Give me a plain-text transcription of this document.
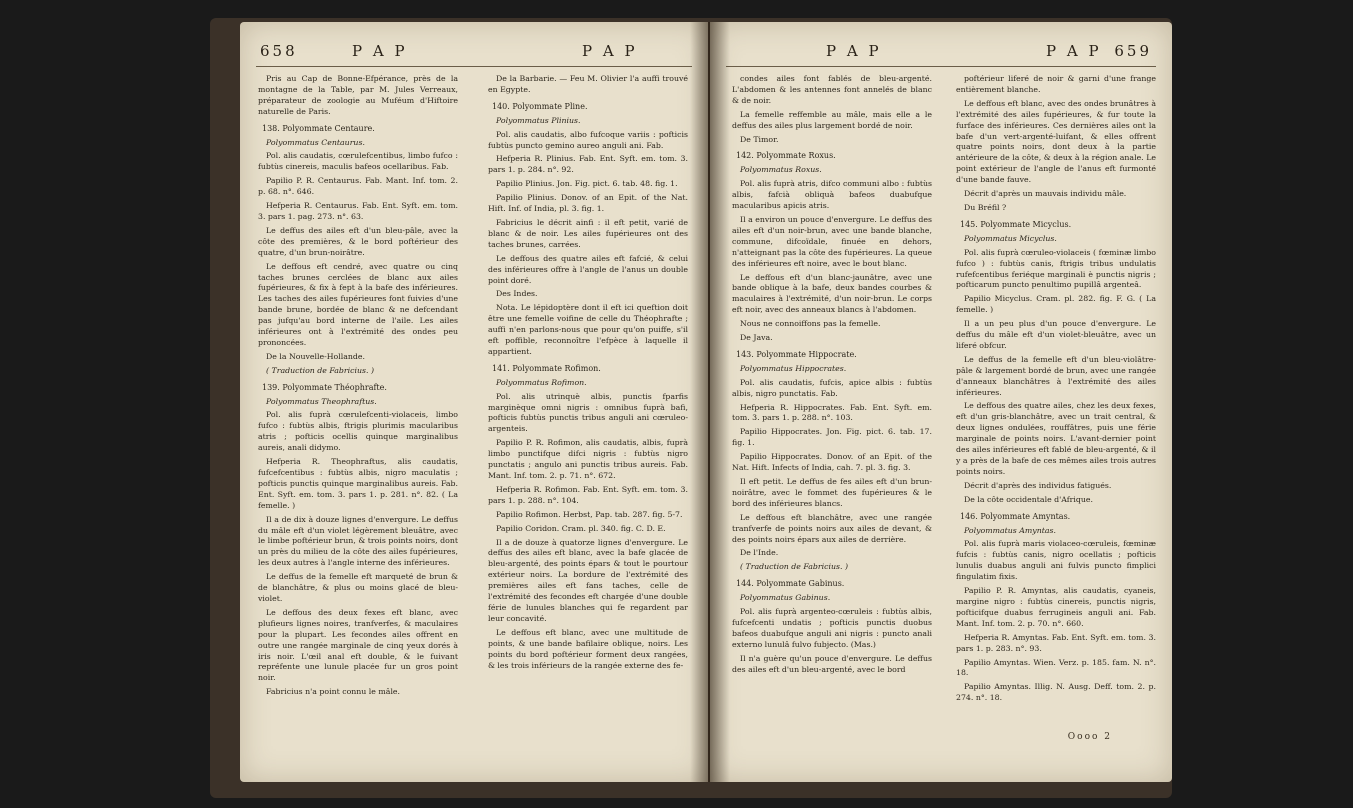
658	P A P	P A P

Pris au Cap de Bonne-Efpérance, près de la montagne de la Table, par M. Jules Verreaux, préparateur de zoologie au Muféum d'Hiftoire naturelle de Paris.

138. Polyommate Centaure.

Polyommatus Centaurus.

Pol. alis caudatis, cœrulefcentibus, limbo fufco : fubtùs cinereis, maculis bafeos ocellaribus. Fab.

Papilio P. R. Centaurus. Fab. Mant. Inf. tom. 2. p. 68. n°. 646.

Hefperia R. Centaurus. Fab. Ent. Syft. em. tom. 3. pars 1. pag. 273. n°. 63.

Le deffus des ailes eft d'un bleu-pâle, avec la côte des premières, & le bord poftérieur des quatre, d'un brun-noirâtre.

Le deffous eft cendré, avec quatre ou cinq taches brunes cerclées de blanc aux ailes fupérieures, & fix à fept à la bafe des inférieures. Les taches des ailes fupérieures font fuivies d'une bande brune, bordée de blanc & ne defcendant pas jufqu'au bord interne de l'aile. Les ailes inférieures ont à l'extrémité des ondes peu prononcées.

De la Nouvelle-Hollande.

( Traduction de Fabricius. )

139. Polyommate Théophrafte.

Polyommatus Theophraftus.

Pol. alis fuprà cœrulefcenti-violaceis, limbo fufco : fubtùs albis, ftrigis plurimis macularibus atris ; pofticis ocellis quinque marginalibus aureis, anali didymo.

Hefperia R. Theophraftus, alis caudatis, fufcefcentibus : fubtùs albis, nigro maculatis ; pofticis punctis quinque marginalibus aureis. Fab. Ent. Syft. em. tom. 3. pars 1. p. 281. n°. 82. ( La femelle. )

Il a de dix à douze lignes d'envergure. Le deffus du mâle eft d'un violet légèrement bleuâtre, avec le limbe poftérieur brun, & trois points noirs, dont un près du milieu de la côte des ailes fupérieures, les deux autres à l'angle interne des inférieures.

Le deffus de la femelle eft marqueté de brun & de blanchâtre, & plus ou moins glacé de bleu-violet.

Le deffous des deux fexes eft blanc, avec plufieurs lignes noires, tranfverfes, & maculaires pour la plupart. Les fecondes ailes offrent en outre une rangée marginale de cinq yeux dorés à iris noir. L'œil anal eft double, & le fuivant repréfente une lunule placée fur un gros point noir.

Fabricius n'a point connu le mâle.

De la Barbarie. — Feu M. Olivier l'a auffi trouvé en Egypte.

140. Polyommate Pline.

Polyommatus Plinius.

Pol. alis caudatis, albo fufcoque variis : pofticis fubtùs puncto gemino aureo anguli ani. Fab.

Hefperia R. Plinius. Fab. Ent. Syft. em. tom. 3. pars 1. p. 284. n°. 92.

Papilio Plinius. Jon. Fig. pict. 6. tab. 48. fig. 1.

Papilio Plinius. Donov. of an Epit. of the Nat. Hift. Inf. of India, pl. 3. fig. 1.

Fabricius le décrit ainfi : il eft petit, varié de blanc & de noir. Les ailes fupérieures ont des taches brunes, carrées.

Le deffous des quatre ailes eft fafcié, & celui des inférieures offre à l'angle de l'anus un double point doré.

Des Indes.

Nota. Le lépidoptère dont il eft ici queftion doit être une femelle voifine de celle du Théophrafte ; auffi n'en parlons-nous que pour qu'on puiffe, s'il eft poffible, reconnoître l'efpèce à laquelle il appartient.

141. Polyommate Rofimon.

Polyommatus Rofimon.

Pol. alis utrinquè albis, punctis fparfis marginèque omni nigris : omnibus fuprà bafi, pofticis fubtùs punctis tribus anguli ani cœruleo-argenteis.

Papilio P. R. Rofimon, alis caudatis, albis, fuprà limbo punctifque difci nigris : fubtùs nigro punctatis ; angulo ani punctis tribus aureis. Fab. Mant. Inf. tom. 2. p. 71. n°. 672.

Hefperia R. Rofimon. Fab. Ent. Syft. em. tom. 3. pars 1. p. 288. n°. 104.

Papilio Rofimon. Herbst, Pap. tab. 287. fig. 5-7.

Papilio Coridon. Cram. pl. 340. fig. C. D. E.

Il a de douze à quatorze lignes d'envergure. Le deffus des ailes eft blanc, avec la bafe glacée de bleu-argenté, des points épars & tout le pourtour extérieur noirs. La bordure de l'extrémité des premières ailes eft fans taches, celle de l'extrémité des fecondes eft chargée d'une double férie de lunules blanches qui fe regardent par leur concavité.

Le deffous eft blanc, avec une multitude de points, & une bande bafilaire oblique, noirs. Les points du bord poftérieur forment deux rangées, & les trois inférieurs de la rangée externe des fe-

P A P	P A P 659

condes ailes font fablés de bleu-argenté. L'abdomen & les antennes font annelés de blanc & de noir.

La femelle reffemble au mâle, mais elle a le deffus des ailes plus largement bordé de noir.

De Timor.

142. Polyommate Roxus.

Polyommatus Roxus.

Pol. alis fuprà atris, difco communi albo : fubtùs albis, fafcià obliquà bafeos duabufque macularibus apicis atris.

Il a environ un pouce d'envergure. Le deffus des ailes eft d'un noir-brun, avec une bande blanche, commune, difcoïdale, finuée en dehors, n'atteignant pas la côte des fupérieures. La queue des inférieures eft noire, avec le bout blanc.

Le deffous eft d'un blanc-jaunâtre, avec une bande oblique à la bafe, deux bandes courbes & maculaires à l'extrémité, d'un noir-brun. Le corps eft noir, avec des anneaux blancs à l'abdomen.

Nous ne connoiffons pas la femelle.

De Java.

143. Polyommate Hippocrate.

Polyommatus Hippocrates.

Pol. alis caudatis, fufcis, apice albis : fubtùs albis, nigro punctatis. Fab.

Hefperia R. Hippocrates. Fab. Ent. Syft. em. tom. 3. pars 1. p. 288. n°. 103.

Papilio Hippocrates. Jon. Fig. pict. 6. tab. 17. fig. 1.

Papilio Hippocrates. Donov. of an Epit. of the Nat. Hift. Infects of India, cah. 7. pl. 3. fig. 3.

Il eft petit. Le deffus de fes ailes eft d'un brun-noirâtre, avec le fommet des fupérieures & le bord des inférieures blancs.

Le deffous eft blanchâtre, avec une rangée tranfverfe de points noirs aux ailes de devant, & des points noirs épars aux ailes de derrière.

De l'Inde.

( Traduction de Fabricius. )

144. Polyommate Gabinus.

Polyommatus Gabinus.

Pol. alis fuprà argenteo-cœruleis : fubtùs albis, fufcefcenti undatis ; pofticis punctis duobus bafeos duabufque anguli ani nigris : puncto anali externo lunulâ fulvo fubjecto. (Mas.)

Il n'a guère qu'un pouce d'envergure. Le deffus des ailes eft d'un bleu-argenté, avec le bord

poftérieur liferé de noir & garni d'une frange entièrement blanche.

Le deffous eft blanc, avec des ondes brunâtres à l'extrémité des ailes fupérieures, & fur toute la furface des inférieures. Ces dernières ailes ont la bafe d'un vert-argenté-luifant, & elles offrent quatre points noirs, dont deux à la partie antérieure de la côte, & deux à la région anale. Le point extérieur de l'angle de l'anus eft furmonté d'une bande fauve.

Décrit d'après un mauvais individu mâle.

Du Bréfil ?

145. Polyommate Micyclus.

Polyommatus Micyclus.

Pol. alis fuprà cœruleo-violaceis ( fœminæ limbo fufco ) : fubtùs canis, ftrigis tribus undulatis rufefcentibus feriéque marginali è punctis nigris ; pofticarum puncto penultimo pupillâ argenteâ.

Papilio Micyclus. Cram. pl. 282. fig. F. G. ( La femelle. )

Il a un peu plus d'un pouce d'envergure. Le deffus du mâle eft d'un violet-bleuâtre, avec un liferé obfcur.

Le deffus de la femelle eft d'un bleu-violâtre-pâle & largement bordé de brun, avec une rangée d'anneaux blanchâtres à l'extrémité des ailes inférieures.

Le deffous des quatre ailes, chez les deux fexes, eft d'un gris-blanchâtre, avec un trait central, & deux lignes ondulées, rouffâtres, puis une férie marginale de points noirs. L'avant-dernier point des ailes inférieures eft fablé de bleu-argenté, & il y a près de la bafe de ces mêmes ailes trois autres points noirs.

Décrit d'après des individus fatigués.

De la côte occidentale d'Afrique.

146. Polyommate Amyntas.

Polyommatus Amyntas.

Pol. alis fuprà maris violaceo-cœruleis, fœminæ fufcis : fubtùs canis, nigro ocellatis ; pofticis lunulis duabus anguli ani fulvis puncto fimplici fingulatim fixis.

Papilio P. R. Amyntas, alis caudatis, cyaneis, margine nigro : fubtùs cinereis, punctis nigris, pofticifque duabus ferrugineis anguli ani. Fab. Mant. Inf. tom. 2. p. 70. n°. 660.

Hefperia R. Amyntas. Fab. Ent. Syft. em. tom. 3. pars 1. p. 283. n°. 93.

Papilio Amyntas. Wien. Verz. p. 185. fam. N. n°. 18.

Papilio Amyntas. Illig. N. Ausg. Deff. tom. 2. p. 274. n°. 18.

Oooo 2
